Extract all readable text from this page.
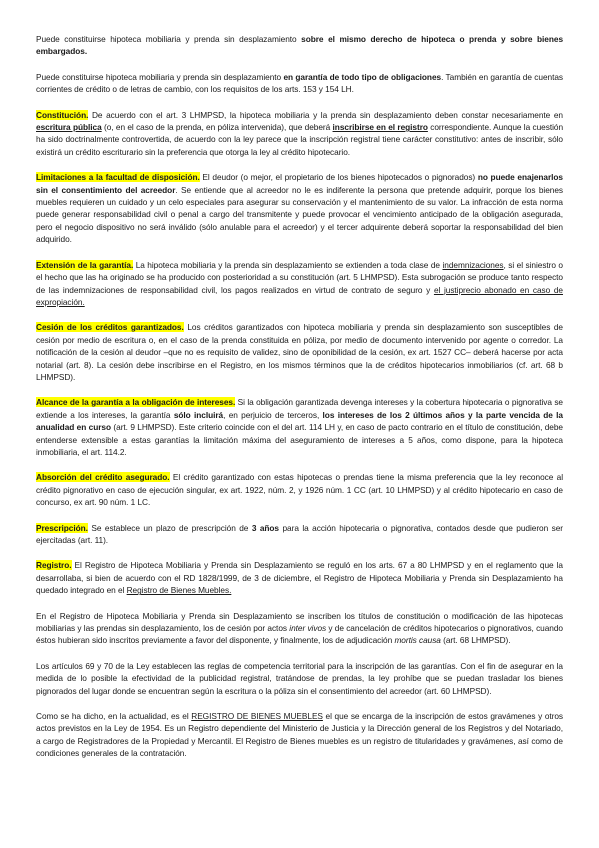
Puede constituirse hipoteca mobiliaria y prenda sin desplazamiento sobre el mismo derecho de hipoteca o prenda y sobre bienes embargados.

Puede constituirse hipoteca mobiliaria y prenda sin desplazamiento en garantía de todo tipo de obligaciones. También en garantía de cuentas corrientes de crédito o de letras de cambio, con los requisitos de los arts. 153 y 154 LH.

Constitución. De acuerdo con el art. 3 LHMPSD, la hipoteca mobiliaria y la prenda sin desplazamiento deben constar necesariamente en escritura pública (o, en el caso de la prenda, en póliza intervenida), que deberá inscribirse en el registro correspondiente. Aunque la cuestión ha sido doctrinalmente controvertida, de acuerdo con la ley parece que la inscripción registral tiene carácter constitutivo: antes de inscribir, sólo existirá un crédito escriturario sin la preferencia que otorga la ley al crédito hipotecario.

Limitaciones a la facultad de disposición. El deudor (o mejor, el propietario de los bienes hipotecados o pignorados) no puede enajenarlos sin el consentimiento del acreedor. Se entiende que al acreedor no le es indiferente la persona que pretende adquirir, porque los bienes muebles requieren un cuidado y un celo especiales para asegurar su conservación y el mantenimiento de su valor. La infracción de esta norma puede generar responsabilidad civil o penal a cargo del transmitente y puede provocar el vencimiento anticipado de la obligación asegurada, pero el negocio dispositivo no será inválido (sólo anulable para el acreedor) y el tercer adquirente deberá soportar la responsabilidad del bien adquirido.

Extensión de la garantía. La hipoteca mobiliaria y la prenda sin desplazamiento se extienden a toda clase de indemnizaciones, si el siniestro o el hecho que las ha originado se ha producido con posterioridad a su constitución (art. 5 LHMPSD). Esta subrogación se produce tanto respecto de las indemnizaciones de responsabilidad civil, los pagos realizados en virtud de contrato de seguro y el justiprecio abonado en caso de expropiación.

Cesión de los créditos garantizados. Los créditos garantizados con hipoteca mobiliaria y prenda sin desplazamiento son susceptibles de cesión por medio de escritura o, en el caso de la prenda constituida en póliza, por medio de documento intervenido por agente o corredor. La notificación de la cesión al deudor –que no es requisito de validez, sino de oponibilidad de la cesión, ex art. 1527 CC– deberá hacerse por acta notarial (art. 8). La cesión debe inscribirse en el Registro, en los mismos términos que la de créditos hipotecarios inmobiliarios (cf. art. 68 b LHMPSD).

Alcance de la garantía a la obligación de intereses. Si la obligación garantizada devenga intereses y la cobertura hipotecaria o pignorativa se extiende a los intereses, la garantía sólo incluirá, en perjuicio de terceros, los intereses de los 2 últimos años y la parte vencida de la anualidad en curso (art. 9 LHMPSD). Este criterio coincide con el del art. 114 LH y, en caso de pacto contrario en el título de constitución, debe entenderse extensible a estas garantías la limitación máxima del aseguramiento de intereses a 5 años, como dispone, para la hipoteca inmobiliaria, el art. 114.2.

Absorción del crédito asegurado. El crédito garantizado con estas hipotecas o prendas tiene la misma preferencia que la ley reconoce al crédito pignorativo en caso de ejecución singular, ex art. 1922, núm. 2, y 1926 núm. 1 CC (art. 10 LHMPSD) y al crédito hipotecario en caso de concurso, ex art. 90 núm. 1 LC.

Prescripción. Se establece un plazo de prescripción de 3 años para la acción hipotecaria o pignorativa, contados desde que pudieron ser ejercitadas (art. 11).

Registro. El Registro de Hipoteca Mobiliaria y Prenda sin Desplazamiento se reguló en los arts. 67 a 80 LHMPSD y en el reglamento que la desarrollaba, si bien de acuerdo con el RD 1828/1999, de 3 de diciembre, el Registro de Hipoteca Mobiliaria y Prenda sin Desplazamiento ha quedado integrado en el Registro de Bienes Muebles.

En el Registro de Hipoteca Mobiliaria y Prenda sin Desplazamiento se inscriben los títulos de constitución o modificación de las hipotecas mobiliarias y las prendas sin desplazamiento, los de cesión por actos inter vivos y de cancelación de créditos hipotecarios o pignorativos, cuando éstos hubieran sido inscritos previamente a favor del disponente, y finalmente, los de adjudicación mortis causa (art. 68 LHMPSD).

Los artículos 69 y 70 de la Ley establecen las reglas de competencia territorial para la inscripción de las garantías. Con el fin de asegurar en la medida de lo posible la efectividad de la publicidad registral, tratándose de prendas, la ley prohíbe que se puedan trasladar los bienes pignorados del lugar donde se encuentran según la escritura o la póliza sin el consentimiento del acreedor (art. 60 LHMPSD).

Como se ha dicho, en la actualidad, es el REGISTRO DE BIENES MUEBLES el que se encarga de la inscripción de estos gravámenes y otros actos previstos en la Ley de 1954. Es un Registro dependiente del Ministerio de Justicia y la Dirección general de los Registros y del Notariado, a cargo de Registradores de la Propiedad y Mercantil. El Registro de Bienes muebles es un registro de titularidades y gravámenes, así como de condiciones generales de la contratación.
